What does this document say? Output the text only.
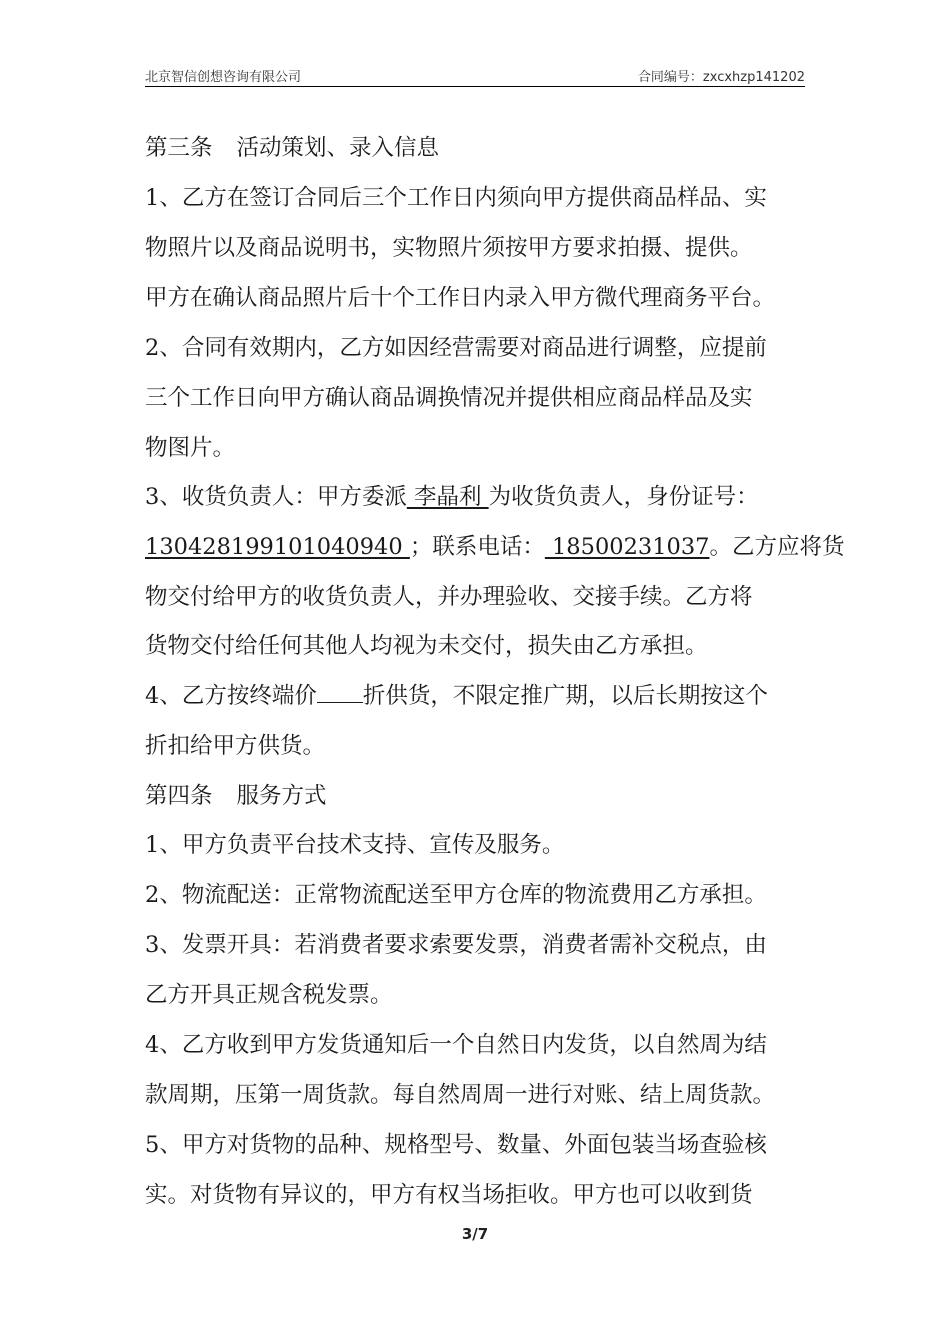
北京智信创想咨询有限公司	合同编号：zxcxhzp141202
第三条 活动策划、录入信息
1、乙方在签订合同后三个工作日内须向甲方提供商品样品、实
物照片以及商品说明书，实物照片须按甲方要求拍摄、提供。
甲方在确认商品照片后十个工作日内录入甲方微代理商务平台。
2、合同有效期内，乙方如因经营需要对商品进行调整，应提前
三个工作日向甲方确认商品调换情况并提供相应商品样品及实
物图片。
3、收货负责人：甲方委派 李晶利 为收货负责人，身份证号：
130428199101040940 ；联系电话： 18500231037。乙方应将货
物交付给甲方的收货负责人，并办理验收、交接手续。乙方将
货物交付给任何其他人均视为未交付，损失由乙方承担。
4、乙方按终端价 折供货，不限定推广期，以后长期按这个
折扣给甲方供货。
第四条 服务方式
1、甲方负责平台技术支持、宣传及服务。
2、物流配送：正常物流配送至甲方仓库的物流费用乙方承担。
3、发票开具：若消费者要求索要发票，消费者需补交税点，由
乙方开具正规含税发票。
4、乙方收到甲方发货通知后一个自然日内发货，以自然周为结
款周期，压第一周货款。每自然周周一进行对账、结上周货款。
5、甲方对货物的品种、规格型号、数量、外面包装当场查验核
实。对货物有异议的，甲方有权当场拒收。甲方也可以收到货
3/7
